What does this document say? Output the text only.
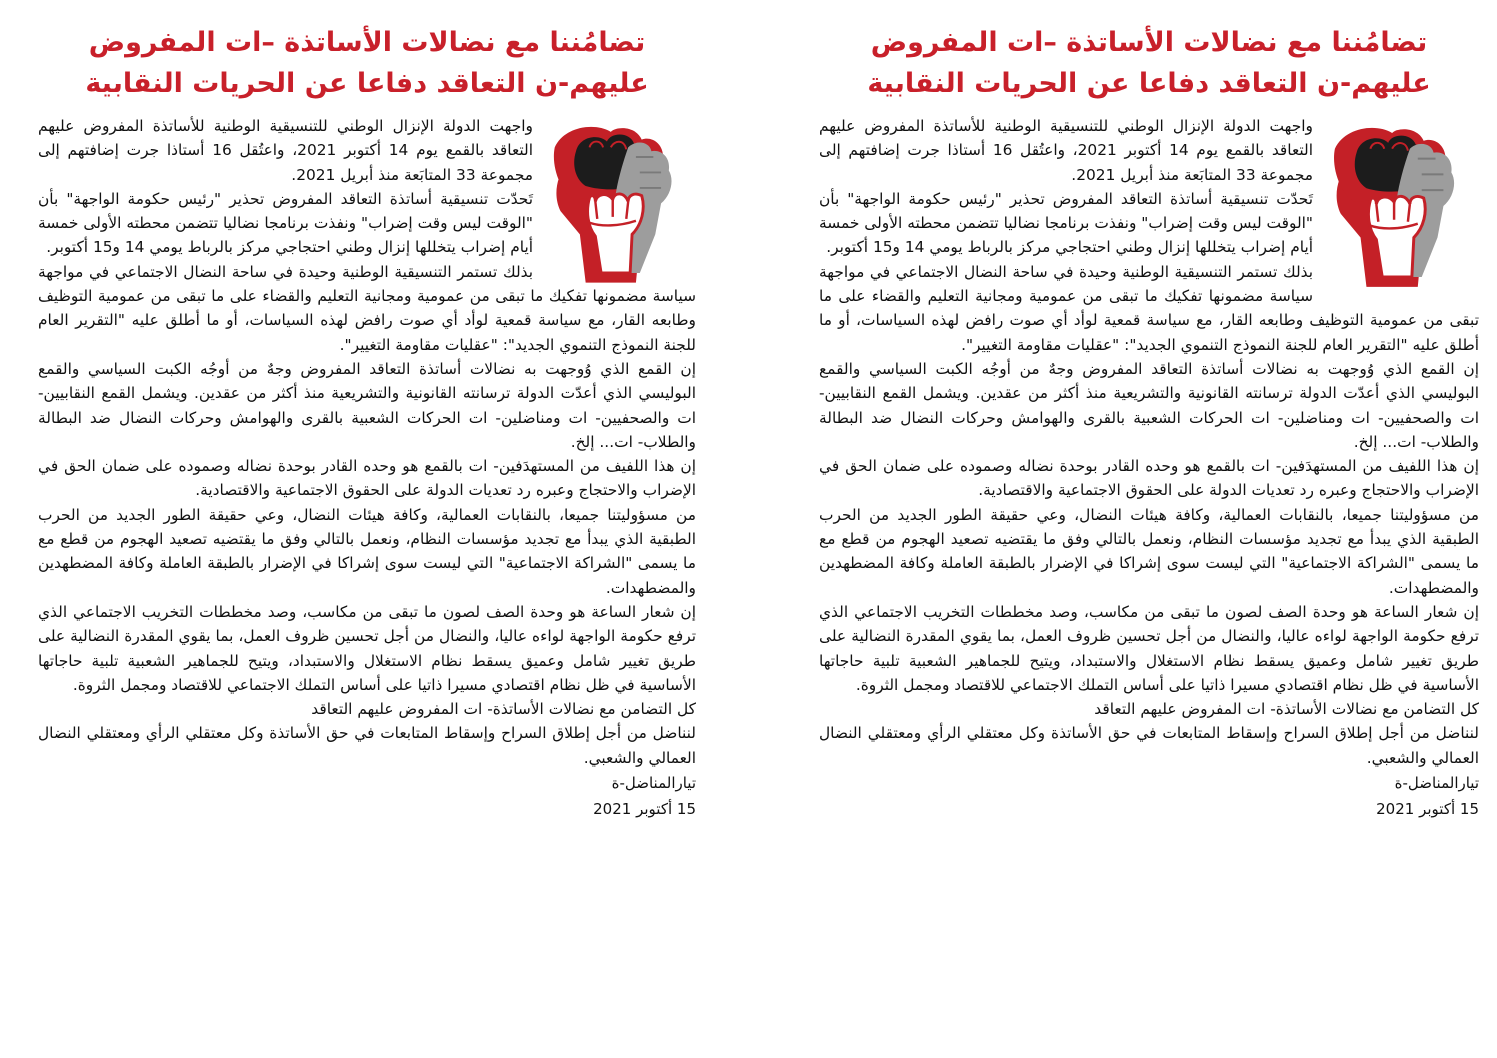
تضامُننا مع نضالات الأساتذة –ات المفروض
عليهم-ن التعاقد دفاعا عن الحريات النقابية

واجهت الدولة الإنزال الوطني للتنسيقية الوطنية للأساتذة المفروض عليهم التعاقد بالقمع يوم 14 أكتوبر 2021، واعتُقل 16 أستاذا جرت إضافتهم إلى مجموعة 33 المتابَعة منذ أبريل 2021.

تَحدّت تنسيقية أساتذة التعاقد المفروض تحذير "رئيس حكومة الواجهة" بأن "الوقت ليس وقت إضراب" ونفذت برنامجا نضاليا تتضمن محطته الأولى خمسة أيام إضراب يتخللها إنزال وطني احتجاجي مركز بالرباط يومي 14 و15 أكتوبر.

بذلك تستمر التنسيقية الوطنية وحيدة في ساحة النضال الاجتماعي في مواجهة سياسة مضمونها تفكيك ما تبقى من عمومية ومجانية التعليم والقضاء على ما تبقى من عمومية التوظيف وطابعه القار، مع سياسة قمعية لوأد أي صوت رافض لهذه السياسات، أو ما أطلق عليه "التقرير العام للجنة النموذج التنموي الجديد": "عقليات مقاومة التغيير".

إن القمع الذي وُوجهت به نضالات أساتذة التعاقد المفروض وجهٌ من أوجُه الكبت السياسي والقمع البوليسي الذي أعدّت الدولة ترسانته القانونية والتشريعية منذ أكثر من عقدين. ويشمل القمع النقابيين- ات والصحفيين- ات ومناضلين- ات الحركات الشعبية بالقرى والهوامش وحركات النضال ضد البطالة والطلاب- ات... إلخ.

إن هذا اللفيف من المستهدَفين- ات بالقمع هو وحده القادر بوحدة نضاله وصموده على ضمان الحق في الإضراب والاحتجاج وعبره رد تعديات الدولة على الحقوق الاجتماعية والاقتصادية.

من مسؤوليتنا جميعا، بالنقابات العمالية، وكافة هيئات النضال، وعي حقيقة الطور الجديد من الحرب الطبقية الذي يبدأ مع تجديد مؤسسات النظام، ونعمل بالتالي وفق ما يقتضيه تصعيد الهجوم من قطع مع ما يسمى "الشراكة الاجتماعية" التي ليست سوى إشراكا في الإضرار بالطبقة العاملة وكافة المضطهدين والمضطهدات.

إن شعار الساعة هو وحدة الصف لصون ما تبقى من مكاسب، وصد مخططات التخريب الاجتماعي الذي ترفع حكومة الواجهة لواءه عاليا، والنضال من أجل تحسين ظروف العمل، بما يقوي المقدرة النضالية على طريق تغيير شامل وعميق يسقط نظام الاستغلال والاستبداد، ويتيح للجماهير الشعبية تلبية حاجاتها الأساسية في ظل نظام اقتصادي مسيرا ذاتيا على أساس التملك الاجتماعي للاقتصاد ومجمل الثروة.

كل التضامن مع نضالات الأساتذة- ات المفروض عليهم التعاقد

لنناضل من أجل إطلاق السراح وإسقاط المتابعات في حق الأساتذة وكل معتقلي الرأي ومعتقلي النضال العمالي والشعبي.

تيارالمناضل-ة

15 أكتوبر 2021

تضامُننا مع نضالات الأساتذة –ات المفروض
عليهم-ن التعاقد دفاعا عن الحريات النقابية

واجهت الدولة الإنزال الوطني للتنسيقية الوطنية للأساتذة المفروض عليهم التعاقد بالقمع يوم 14 أكتوبر 2021، واعتُقل 16 أستاذا جرت إضافتهم إلى مجموعة 33 المتابَعة منذ أبريل 2021.

تَحدّت تنسيقية أساتذة التعاقد المفروض تحذير "رئيس حكومة الواجهة" بأن "الوقت ليس وقت إضراب" ونفذت برنامجا نضاليا تتضمن محطته الأولى خمسة أيام إضراب يتخللها إنزال وطني احتجاجي مركز بالرباط يومي 14 و15 أكتوبر.

بذلك تستمر التنسيقية الوطنية وحيدة في ساحة النضال الاجتماعي في مواجهة سياسة مضمونها تفكيك ما تبقى من عمومية ومجانية التعليم والقضاء على ما تبقى من عمومية التوظيف وطابعه القار، مع سياسة قمعية لوأد أي صوت رافض لهذه السياسات، أو ما أطلق عليه "التقرير العام للجنة النموذج التنموي الجديد": "عقليات مقاومة التغيير".

إن القمع الذي وُوجهت به نضالات أساتذة التعاقد المفروض وجهٌ من أوجُه الكبت السياسي والقمع البوليسي الذي أعدّت الدولة ترسانته القانونية والتشريعية منذ أكثر من عقدين. ويشمل القمع النقابيين- ات والصحفيين- ات ومناضلين- ات الحركات الشعبية بالقرى والهوامش وحركات النضال ضد البطالة والطلاب- ات... إلخ.

إن هذا اللفيف من المستهدَفين- ات بالقمع هو وحده القادر بوحدة نضاله وصموده على ضمان الحق في الإضراب والاحتجاج وعبره رد تعديات الدولة على الحقوق الاجتماعية والاقتصادية.

من مسؤوليتنا جميعا، بالنقابات العمالية، وكافة هيئات النضال، وعي حقيقة الطور الجديد من الحرب الطبقية الذي يبدأ مع تجديد مؤسسات النظام، ونعمل بالتالي وفق ما يقتضيه تصعيد الهجوم من قطع مع ما يسمى "الشراكة الاجتماعية" التي ليست سوى إشراكا في الإضرار بالطبقة العاملة وكافة المضطهدين والمضطهدات.

إن شعار الساعة هو وحدة الصف لصون ما تبقى من مكاسب، وصد مخططات التخريب الاجتماعي الذي ترفع حكومة الواجهة لواءه عاليا، والنضال من أجل تحسين ظروف العمل، بما يقوي المقدرة النضالية على طريق تغيير شامل وعميق يسقط نظام الاستغلال والاستبداد، ويتيح للجماهير الشعبية تلبية حاجاتها الأساسية في ظل نظام اقتصادي مسيرا ذاتيا على أساس التملك الاجتماعي للاقتصاد ومجمل الثروة.

كل التضامن مع نضالات الأساتذة- ات المفروض عليهم التعاقد

لنناضل من أجل إطلاق السراح وإسقاط المتابعات في حق الأساتذة وكل معتقلي الرأي ومعتقلي النضال العمالي والشعبي.

تيارالمناضل-ة

15 أكتوبر 2021
